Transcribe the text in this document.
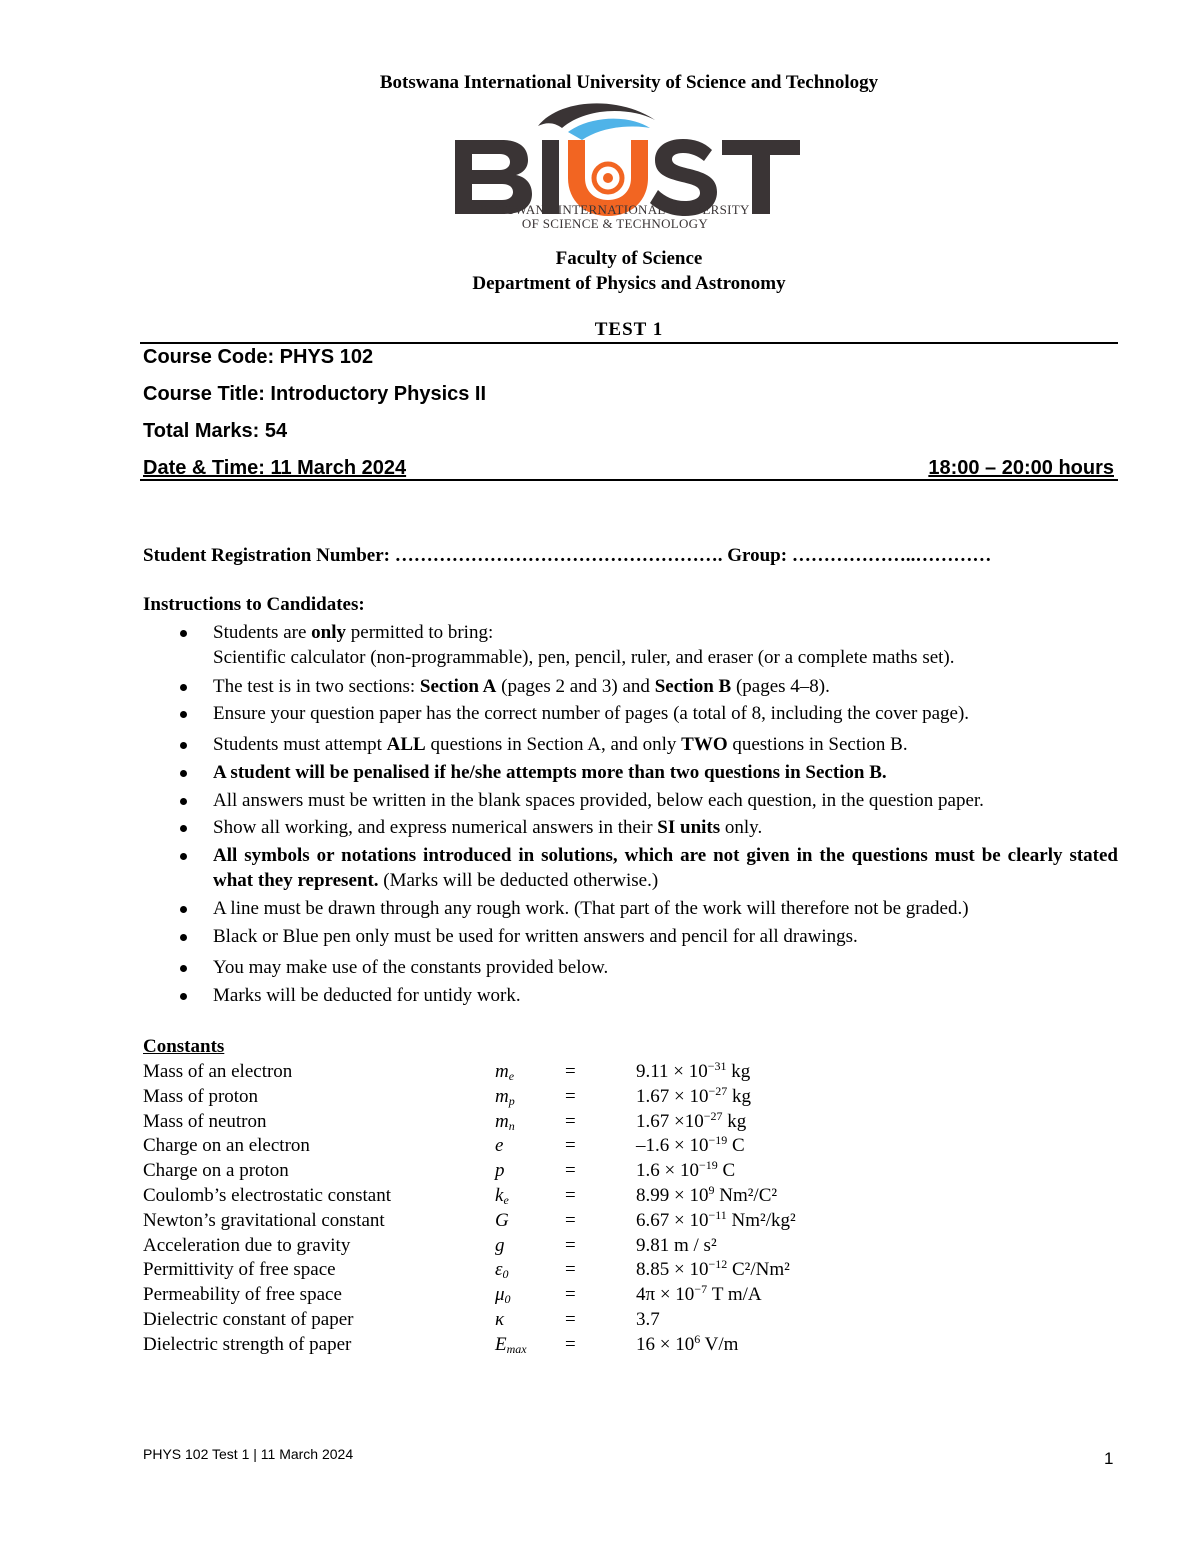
Botswana International University of Science and Technology
BOTSWANA INTERNATIONAL UNIVERSITY
OF SCIENCE & TECHNOLOGY
Faculty of Science
Department of Physics and Astronomy
TEST 1
Course Code: PHYS 102
Course Title: Introductory Physics II
Total Marks: 54
Date & Time: 11 March 2024	18:00 – 20:00 hours
Student Registration Number: ……………………………………………. Group: ………………..…………
Instructions to Candidates:
Students are only permitted to bring:
Scientific calculator (non-programmable), pen, pencil, ruler, and eraser (or a complete maths set).
The test is in two sections: Section A (pages 2 and 3) and Section B (pages 4–8).
Ensure your question paper has the correct number of pages (a total of 8, including the cover page).
Students must attempt ALL questions in Section A, and only TWO questions in Section B.
A student will be penalised if he/she attempts more than two questions in Section B.
All answers must be written in the blank spaces provided, below each question, in the question paper.
Show all working, and express numerical answers in their SI units only.
All symbols or notations introduced in solutions, which are not given in the questions must be clearly stated what they represent. (Marks will be deducted otherwise.)
A line must be drawn through any rough work. (That part of the work will therefore not be graded.)
Black or Blue pen only must be used for written answers and pencil for all drawings.
You may make use of the constants provided below.
Marks will be deducted for untidy work.
Constants
Mass of an electron	$m_e$	=	$9.11 \times 10^{-31}$ kg
Mass of proton	$m_p$	=	$1.67 \times 10^{-27}$ kg
Mass of neutron	$m_n$	=	$1.67 \times 10^{-27}$ kg
Charge on an electron	e	=	$-1.6 \times 10^{-19}$ C
Charge on a proton	p	=	$1.6 \times 10^{-19}$ C
Coulomb’s electrostatic constant	$k_e$	=	$8.99 \times 10^9$ Nm²/C²
Newton’s gravitational constant	G	=	$6.67 \times 10^{-11}$ Nm²/kg²
Acceleration due to gravity	g	=	9.81 m / s²
Permittivity of free space	$\varepsilon_0$	=	$8.85 \times 10^{-12}$ C²/Nm²
Permeability of free space	$\mu_0$	=	$4\pi \times 10^{-7}$ T m/A
Dielectric constant of paper	κ	=	3.7
Dielectric strength of paper	$E_{max}$ =	$16 \times 10^6$ V/m
PHYS 102 Test 1 | 11 March 2024	1
